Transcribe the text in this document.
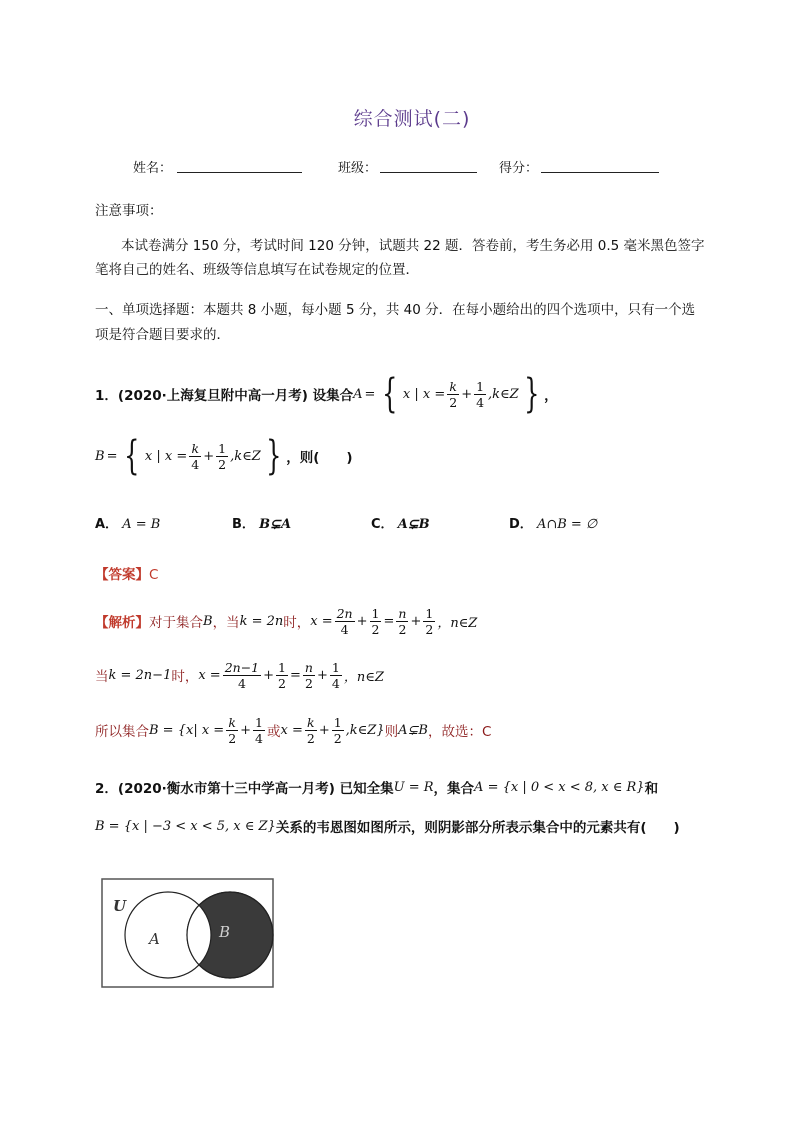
综合测试(二)
姓名：	班级：	得分：
注意事项：
本试卷满分 150 分，考试时间 120 分钟，试题共 22 题．答卷前，考生务必用 0.5 毫米黑色签字
笔将自己的姓名、班级等信息填写在试卷规定的位置．
一、单项选择题：本题共 8 小题，每小题 5 分，共 40 分．在每小题给出的四个选项中，只有一个选
项是符合题目要求的．
1．(2020·上海复旦附中高一月考) 设集合 A = { x | $x = \frac{k}{2} + \frac{1}{4}$ ,k∈Z } ，
B = { x | $x = \frac{k}{4} + \frac{1}{2}$ ,k∈Z } ，则(　　)
A． A = B	B． B⊊A	C． A⊊B	D． A∩B = ∅
【答案】C
【解析】 对于集合 B ，当 k = 2n 时， $x = \frac{2n}{4} + \frac{1}{2} = \frac{n}{2} + \frac{1}{2}$ ，n∈Z
当 k = 2n−1 时， $x = \frac{2n-1}{4} + \frac{1}{2} = \frac{n}{2} + \frac{1}{4}$ ，n∈Z
所以集合 B = {x| $x = \frac{k}{2} + \frac{1}{4}$ 或 $x = \frac{k}{2} + \frac{1}{2}$ ,k∈Z} 则 A⊊B ，故选：C
2．(2020·衡水市第十三中学高一月考) 已知全集 U = R ，集合 A = {x | 0 < x < 8, x ∈ R} 和
B = {x | −3 < x < 5, x ∈ Z} 关系的韦恩图如图所示，则阴影部分所表示集合中的元素共有(　　)
U
A	B
